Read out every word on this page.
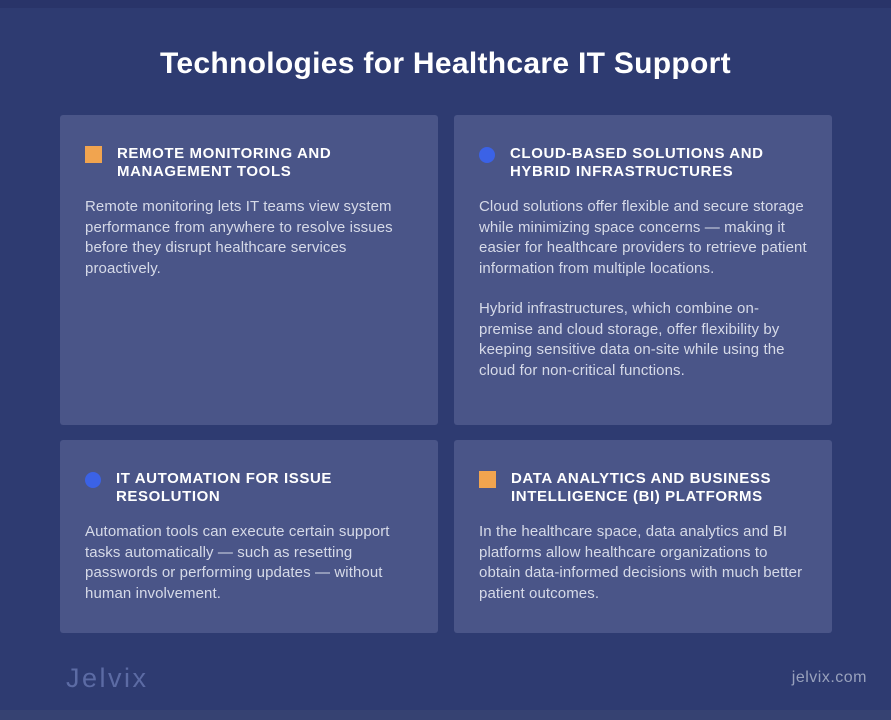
Technologies for Healthcare IT Support
REMOTE MONITORING AND MANAGEMENT TOOLS

Remote monitoring lets IT teams view system performance from anywhere to resolve issues before they disrupt healthcare services proactively.

CLOUD-BASED SOLUTIONS AND HYBRID INFRASTRUCTURES

Cloud solutions offer flexible and secure storage while minimizing space concerns — making it easier for healthcare providers to retrieve patient information from multiple locations.

Hybrid infrastructures, which combine on-premise and cloud storage, offer flexibility by keeping sensitive data on-site while using the cloud for non-critical functions.

IT AUTOMATION FOR ISSUE RESOLUTION

Automation tools can execute certain support tasks automatically — such as resetting passwords or performing updates — without human involvement.

DATA ANALYTICS AND BUSINESS INTELLIGENCE (BI) PLATFORMS

In the healthcare space, data analytics and BI platforms allow healthcare organizations to obtain data-informed decisions with much better patient outcomes.

Jelvix	jelvix.com
